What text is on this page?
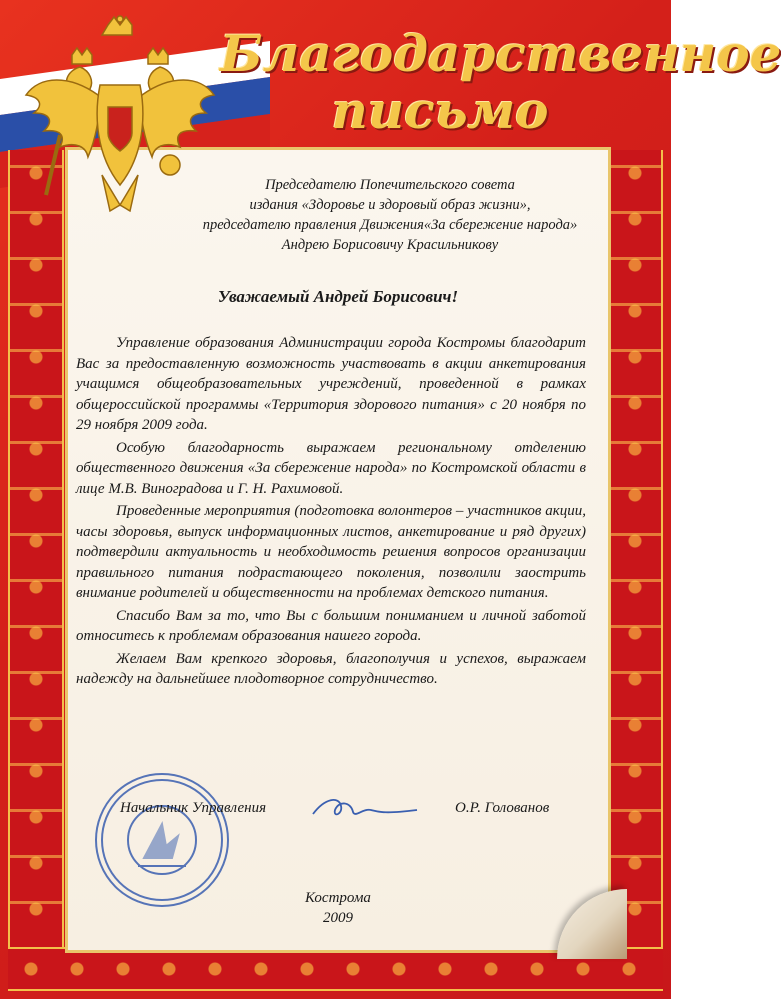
Благодарственное
письмо
Председателю Попечительского совета
издания «Здоровье и здоровый образ жизни»,
председателю правления Движения«За сбережение народа»
Андрею Борисовичу Красильникову
Уважаемый Андрей Борисович!

Управление образования Администрации города Костромы благодарит Вас за предоставленную возможность участвовать в акции анкетирования учащимся общеобразовательных учреждений, проведенной в рамках общероссийской программы «Территория здорового питания» с 20 ноября по 29 ноября 2009 года.

Особую благодарность выражаем региональному отделению общественного движения «За сбережение народа» по Костромской области в лице М.В. Виноградова и Г. Н. Рахимовой.

Проведенные мероприятия (подготовка волонтеров – участников акции, часы здоровья, выпуск информационных листов, анкетирование и ряд других) подтвердили актуальность и необходимость решения вопросов организации правильного питания подрастающего поколения, позволили заострить внимание родителей и общественности на проблемах детского питания.

Спасибо Вам за то, что Вы с большим пониманием и личной заботой относитесь к проблемам образования нашего города.

Желаем Вам крепкого здоровья, благополучия и успехов, выражаем надежду на дальнейшее плодотворное сотрудничество.

Начальник Управления	О.Р. Голованов
Кострома
2009
